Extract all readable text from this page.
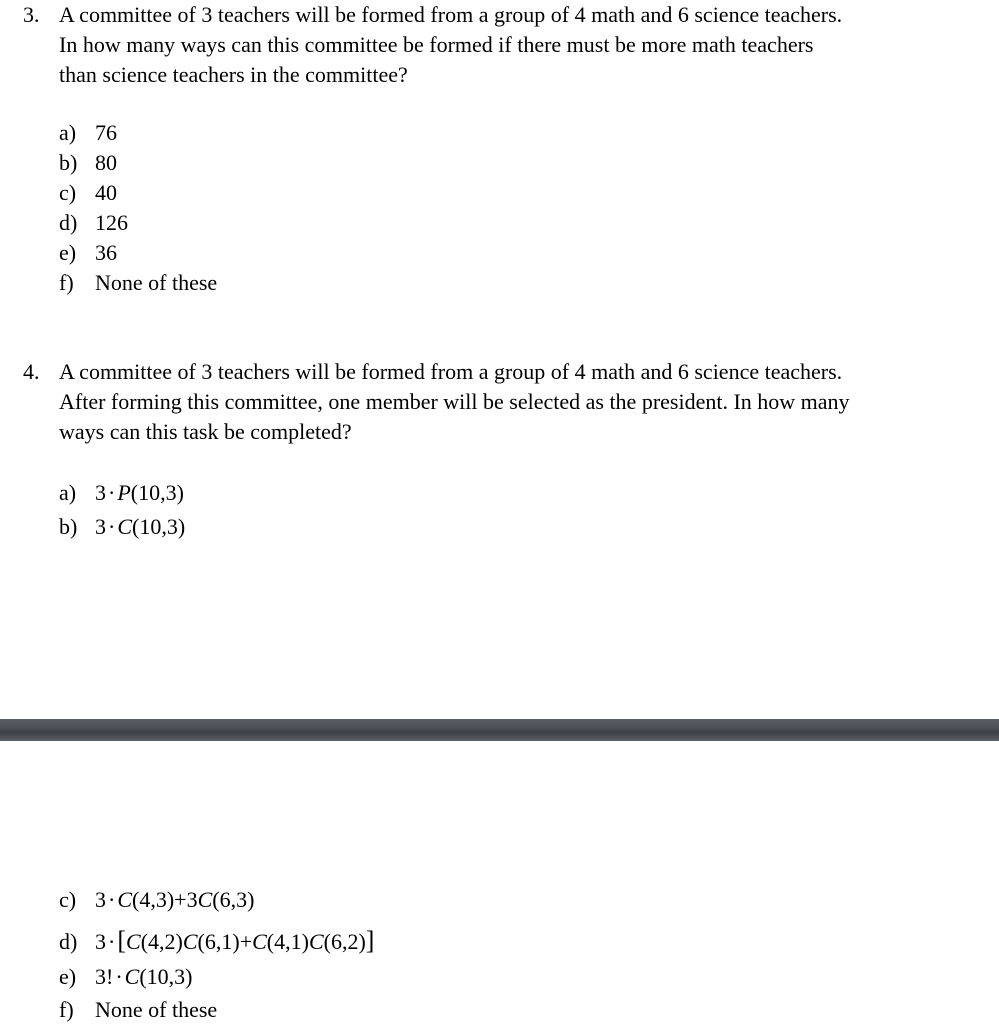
3. A committee of 3 teachers will be formed from a group of 4 math and 6 science teachers.
In how many ways can this committee be formed if there must be more math teachers
than science teachers in the committee?
a) 76
b) 80
c) 40
d) 126
e) 36
f) None of these
4. A committee of 3 teachers will be formed from a group of 4 math and 6 science teachers.
After forming this committee, one member will be selected as the president. In how many
ways can this task be completed?
a) 3·P(10,3)
b) 3·C(10,3)
c) 3·C(4,3)+3C(6,3)
d) 3·[C(4,2)C(6,1)+C(4,1)C(6,2)]
e) 3!·C(10,3)
f) None of these
